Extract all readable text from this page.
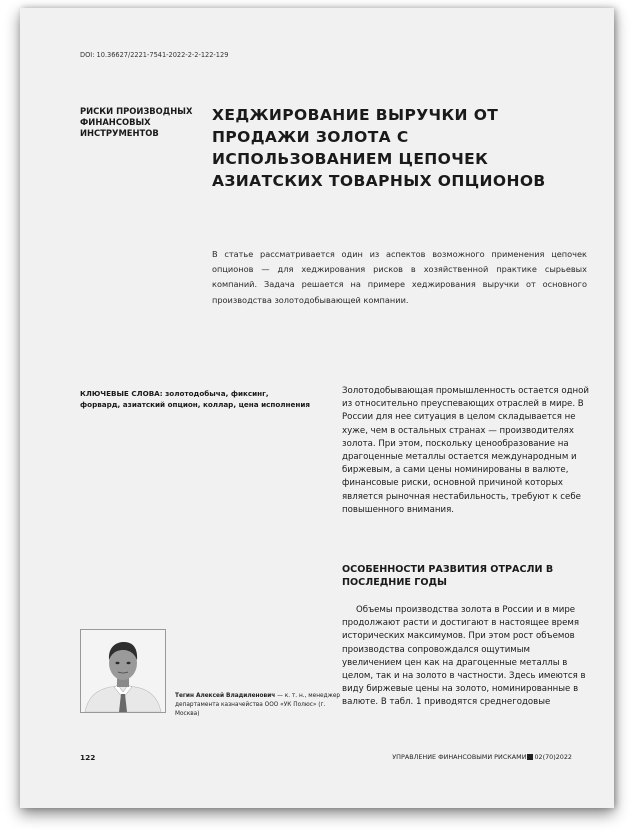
DOI: 10.36627/2221-7541-2022-2-2-122-129
РИСКИ ПРОИЗВОДНЫХ ФИНАНСОВЫХ ИНСТРУМЕНТОВ
ХЕДЖИРОВАНИЕ ВЫРУЧКИ ОТ ПРОДАЖИ ЗОЛОТА С ИСПОЛЬЗОВАНИЕМ ЦЕПОЧЕК АЗИАТСКИХ ТОВАРНЫХ ОПЦИОНОВ
В статье рассматривается один из аспектов возможного применения цепочек опционов — для хеджирования рисков в хозяйственной практике сырьевых компаний. Задача решается на примере хеджирования выручки от основного производства золотодобывающей компании.
КЛЮЧЕВЫЕ СЛОВА: золотодобыча, фиксинг, форвард, азиатский опцион, коллар, цена исполнения

Золотодобывающая промышленность остается одной из относительно преуспевающих отраслей в мире. В России для нее ситуация в целом складывается не хуже, чем в остальных странах — производителях золота. При этом, поскольку ценообразование на драгоценные металлы остается международным и биржевым, а сами цены номинированы в валюте, финансовые риски, основной причиной которых является рыночная нестабильность, требуют к себе повышенного внимания.

ОСОБЕННОСТИ РАЗВИТИЯ ОТРАСЛИ В ПОСЛЕДНИЕ ГОДЫ

Объемы производства золота в России и в мире продолжают расти и достигают в настоящее время исторических максимумов. При этом рост объемов производства сопровождался ощутимым увеличением цен как на драгоценные металлы в целом, так и на золото в частности. Здесь имеются в виду биржевые цены на золото, номинированные в валюте. В табл. 1 приводятся среднегодовые

Тегин Алексей Владиленович — к. т. н., менеджер департамента казначейства ООО «УК Полюс» (г. Москва)
122	УПРАВЛЕНИЕ ФИНАНСОВЫМИ РИСКАМИ 02(70)2022
